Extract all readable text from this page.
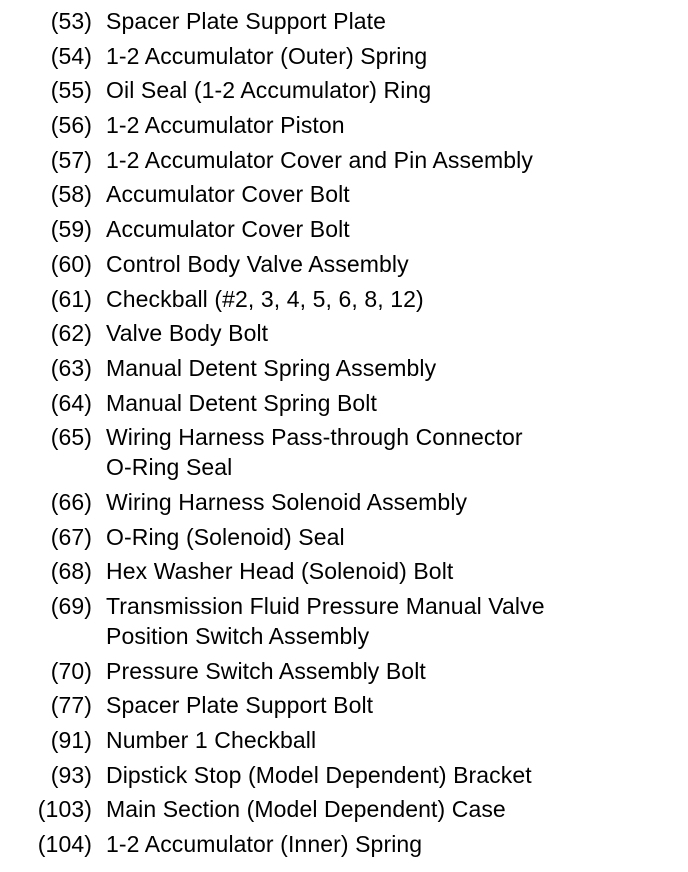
(53) Spacer Plate Support Plate
(54) 1-2 Accumulator (Outer) Spring
(55) Oil Seal (1-2 Accumulator) Ring
(56) 1-2 Accumulator Piston
(57) 1-2 Accumulator Cover and Pin Assembly
(58) Accumulator Cover Bolt
(59) Accumulator Cover Bolt
(60) Control Body Valve Assembly
(61) Checkball (#2, 3, 4, 5, 6, 8, 12)
(62) Valve Body Bolt
(63) Manual Detent Spring Assembly
(64) Manual Detent Spring Bolt
(65) Wiring Harness Pass-through Connector
O-Ring Seal
(66) Wiring Harness Solenoid Assembly
(67) O-Ring (Solenoid) Seal
(68) Hex Washer Head (Solenoid) Bolt
(69) Transmission Fluid Pressure Manual Valve
Position Switch Assembly
(70) Pressure Switch Assembly Bolt
(77) Spacer Plate Support Bolt
(91) Number 1 Checkball
(93) Dipstick Stop (Model Dependent) Bracket
(103) Main Section (Model Dependent) Case
(104) 1-2 Accumulator (Inner) Spring
